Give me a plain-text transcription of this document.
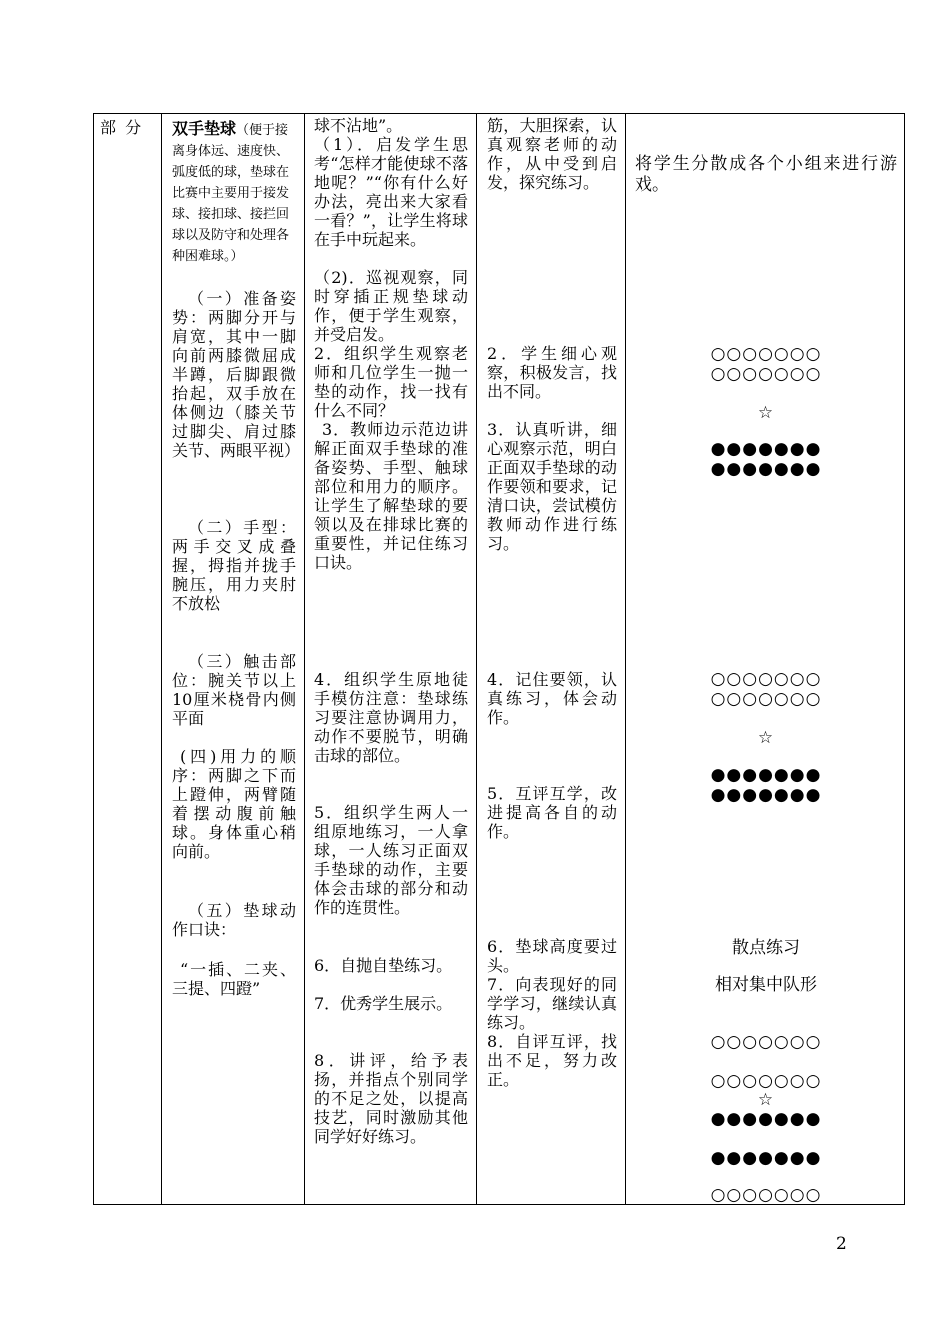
部 分	双手垫球（便于接离身体远、速度快、弧度低的球，垫球在比赛中主要用于接发球、接扣球、接拦回球以及防守和处理各种困难球。）

（一）准备姿势：两脚分开与肩宽，其中一脚向前两膝微屈成半蹲，后脚跟微抬起，双手放在体侧边（膝关节过脚尖、肩过膝关节、两眼平视）

（二）手型：两手交叉成叠握，拇指并拢手腕压，用力夹肘不放松

（三）触击部位：腕关节以上10厘米桡骨内侧平面

(四)用力的顺序：两脚之下而上蹬伸，两臂随着摆动腹前触球。身体重心稍向前。

（五）垫球动作口诀：

“一插、二夹、三提、四蹬”

球不沾地”。

（1）．启发学生思考“怎样才能使球不落地呢？”“你有什么好办法，亮出来大家看一看？”，让学生将球在手中玩起来。

（2)．巡视观察，同时穿插正规垫球动作，便于学生观察，并受启发。

2．组织学生观察老师和几位学生一抛一垫的动作，找一找有什么不同？

3．教师边示范边讲解正面双手垫球的准备姿势、手型、触球部位和用力的顺序。让学生了解垫球的要领以及在排球比赛的重要性，并记住练习口诀。

4．组织学生原地徒手模仿注意：垫球练习要注意协调用力，动作不要脱节，明确击球的部位。

5．组织学生两人一组原地练习，一人拿球，一人练习正面双手垫球的动作，主要体会击球的部分和动作的连贯性。

6．自抛自垫练习。

7．优秀学生展示。

8．讲评，给予表扬，并指点个别同学的不足之处，以提高技艺，同时激励其他同学好好练习。

筋，大胆探索，认真观察老师的动作，从中受到启发，探究练习。

2．学生细心观察，积极发言，找出不同。

3．认真听讲，细心观察示范，明白正面双手垫球的动作要领和要求，记清口诀，尝试模仿教师动作进行练习。

4．记住要领，认真练习，体会动作。

5．互评互学，改进提高各自的动作。

6．垫球高度要过头。

7．向表现好的同学学习，继续认真练习。

8．自评互评，找出不足，努力改正。

将学生分散成各个小组来进行游戏。

○○○○○○○
○○○○○○○
☆
●●●●●●●
●●●●●●●
○○○○○○○
○○○○○○○
☆
●●●●●●●
●●●●●●●
散点练习
相对集中队形
○○○○○○○
○○○○○○○
☆
●●●●●●●
●●●●●●●
○○○○○○○
2
